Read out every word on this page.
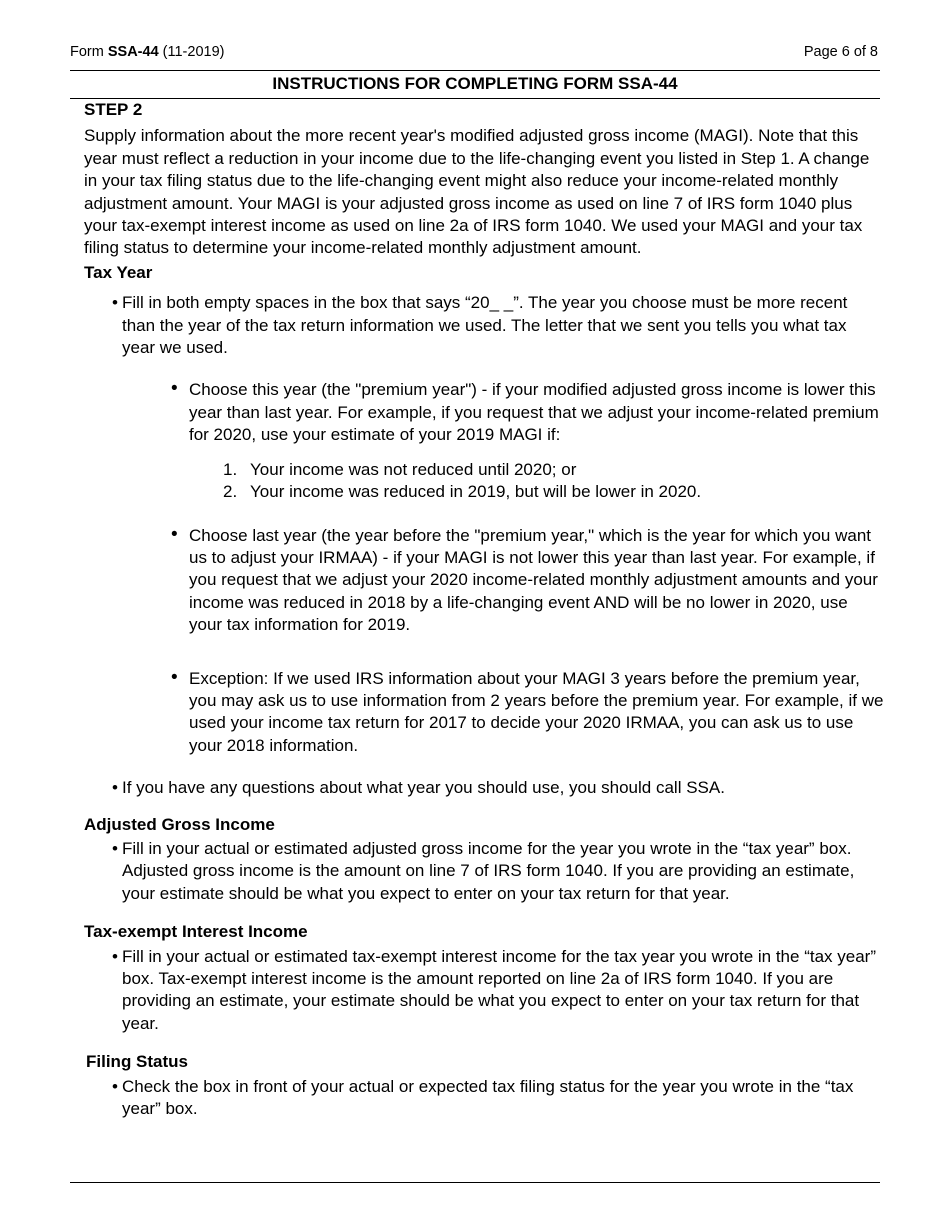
Form SSA-44 (11-2019)	Page 6 of 8
INSTRUCTIONS FOR COMPLETING FORM SSA-44
STEP 2

Supply information about the more recent year's modified adjusted gross income (MAGI). Note that this year must reflect a reduction in your income due to the life-changing event you listed in Step 1. A change in your tax filing status due to the life-changing event might also reduce your income-related monthly adjustment amount. Your MAGI is your adjusted gross income as used on line 7 of IRS form 1040 plus your tax-exempt interest income as used on line 2a of IRS form 1040. We used your MAGI and your tax filing status to determine your income-related monthly adjustment amount.

Tax Year
• Fill in both empty spaces in the box that says “20_ _”. The year you choose must be more recent than the year of the tax return information we used. The letter that we sent you tells you what tax year we used.
• Choose this year (the "premium year") - if your modified adjusted gross income is lower this year than last year. For example, if you request that we adjust your income-related premium for 2020, use your estimate of your 2019 MAGI if:
1. Your income was not reduced until 2020; or
2. Your income was reduced in 2019, but will be lower in 2020.
• Choose last year (the year before the "premium year," which is the year for which you want us to adjust your IRMAA) - if your MAGI is not lower this year than last year. For example, if you request that we adjust your 2020 income-related monthly adjustment amounts and your income was reduced in 2018 by a life-changing event AND will be no lower in 2020, use your tax information for 2019.
• Exception: If we used IRS information about your MAGI 3 years before the premium year, you may ask us to use information from 2 years before the premium year. For example, if we used your income tax return for 2017 to decide your 2020 IRMAA, you can ask us to use your 2018 information.
• If you have any questions about what year you should use, you should call SSA.
Adjusted Gross Income
• Fill in your actual or estimated adjusted gross income for the year you wrote in the “tax year” box. Adjusted gross income is the amount on line 7 of IRS form 1040. If you are providing an estimate, your estimate should be what you expect to enter on your tax return for that year.
Tax-exempt Interest Income
• Fill in your actual or estimated tax-exempt interest income for the tax year you wrote in the “tax year” box. Tax-exempt interest income is the amount reported on line 2a of IRS form 1040. If you are providing an estimate, your estimate should be what you expect to enter on your tax return for that year.
Filing Status
• Check the box in front of your actual or expected tax filing status for the year you wrote in the “tax year” box.
